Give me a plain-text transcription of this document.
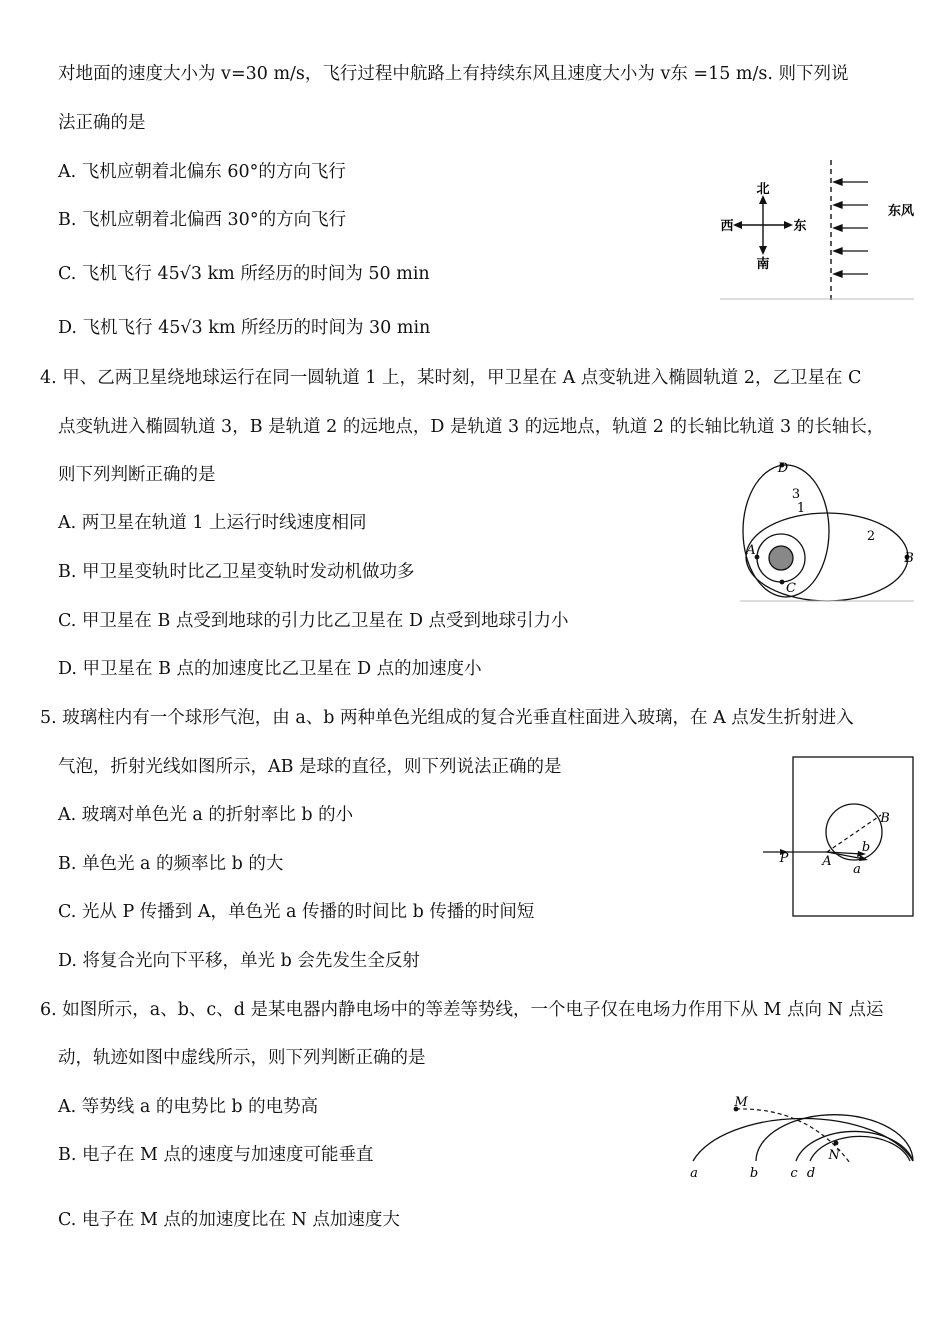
对地面的速度大小为 v=30 m/s，飞行过程中航路上有持续东风且速度大小为 v东 =15 m/s. 则下列说
法正确的是
A. 飞机应朝着北偏东 60°的方向飞行
B. 飞机应朝着北偏西 30°的方向飞行
C. 飞机飞行 45√3 km 所经历的时间为 50 min
D. 飞机飞行 45√3 km 所经历的时间为 30 min
北
南
西	东
东风
4. 甲、乙两卫星绕地球运行在同一圆轨道 1 上，某时刻，甲卫星在 A 点变轨进入椭圆轨道 2，乙卫星在 C
点变轨进入椭圆轨道 3，B 是轨道 2 的远地点，D 是轨道 3 的远地点，轨道 2 的长轴比轨道 3 的长轴长，
则下列判断正确的是
A. 两卫星在轨道 1 上运行时线速度相同
B. 甲卫星变轨时比乙卫星变轨时发动机做功多
C. 甲卫星在 B 点受到地球的引力比乙卫星在 D 点受到地球引力小
D. 甲卫星在 B 点的加速度比乙卫星在 D 点的加速度小
D
3
1
2
A
B
C
5. 玻璃柱内有一个球形气泡，由 a、b 两种单色光组成的复合光垂直柱面进入玻璃，在 A 点发生折射进入
气泡，折射光线如图所示，AB 是球的直径，则下列说法正确的是
A. 玻璃对单色光 a 的折射率比 b 的小
B. 单色光 a 的频率比 b 的大
C. 光从 P 传播到 A，单色光 a 传播的时间比 b 传播的时间短
D. 将复合光向下平移，单光 b 会先发生全反射
P	A
B
a
b
6. 如图所示，a、b、c、d 是某电器内静电场中的等差等势线，一个电子仅在电场力作用下从 M 点向 N 点运
动，轨迹如图中虚线所示，则下列判断正确的是
A. 等势线 a 的电势比 b 的电势高
B. 电子在 M 点的速度与加速度可能垂直
C. 电子在 M 点的加速度比在 N 点加速度大
M
N
a	b c d
